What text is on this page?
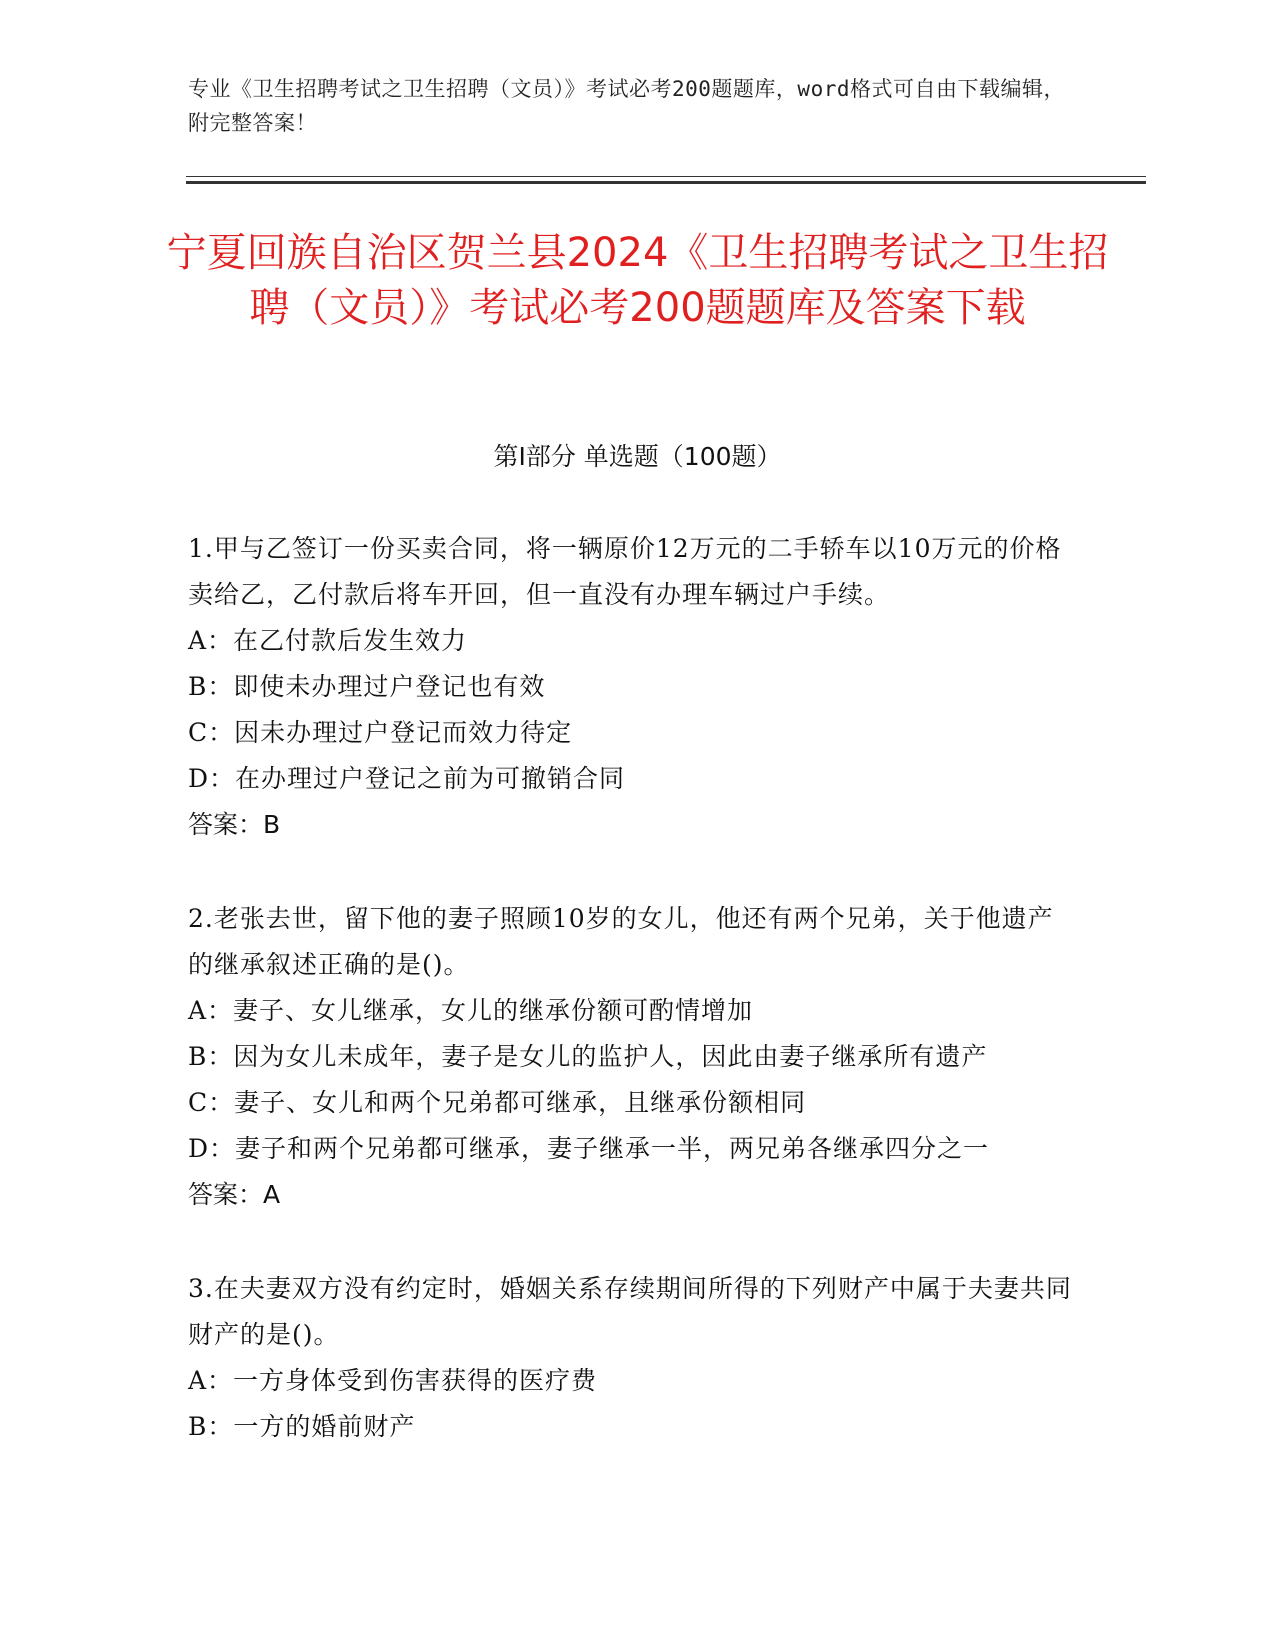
专业《卫生招聘考试之卫生招聘（文员）》考试必考200题题库，word格式可自由下载编辑，附完整答案！
宁夏回族自治区贺兰县2024《卫生招聘考试之卫生招聘（文员）》考试必考200题题库及答案下载
第I部分 单选题（100题）
1.甲与乙签订一份买卖合同，将一辆原价12万元的二手轿车以10万元的价格卖给乙，乙付款后将车开回，但一直没有办理车辆过户手续。
A：在乙付款后发生效力
B：即使未办理过户登记也有效
C：因未办理过户登记而效力待定
D：在办理过户登记之前为可撤销合同
答案：B
2.老张去世，留下他的妻子照顾10岁的女儿，他还有两个兄弟，关于他遗产的继承叙述正确的是()。
A：妻子、女儿继承，女儿的继承份额可酌情增加
B：因为女儿未成年，妻子是女儿的监护人，因此由妻子继承所有遗产
C：妻子、女儿和两个兄弟都可继承，且继承份额相同
D：妻子和两个兄弟都可继承，妻子继承一半，两兄弟各继承四分之一
答案：A
3.在夫妻双方没有约定时，婚姻关系存续期间所得的下列财产中属于夫妻共同财产的是()。
A：一方身体受到伤害获得的医疗费
B：一方的婚前财产
